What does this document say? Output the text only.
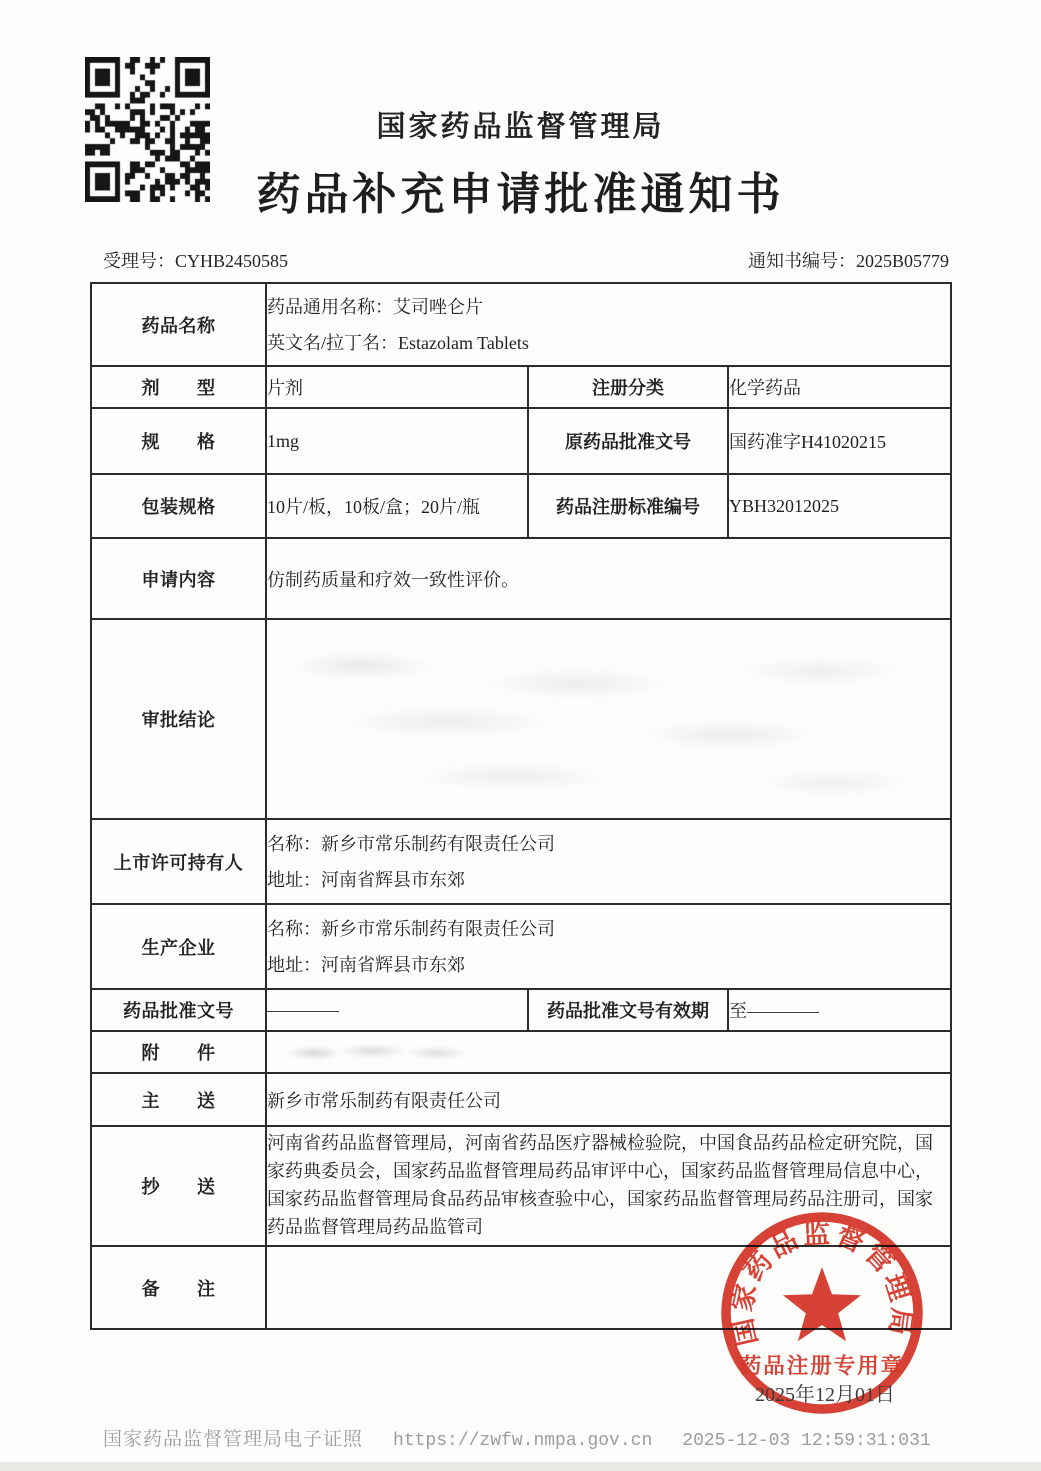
国家药品监督管理局
药品补充申请批准通知书
受理号：CYHB2450585	通知书编号：2025B05779
药品名称	药品通用名称：艾司唑仑片
英文名/拉丁名：Estazolam Tablets		

剂　　型	片剂	注册分类	化学药品
规　　格	1mg	原药品批准文号	国药准字H41020215
包装规格	10片/板，10板/盒；20片/瓶	药品注册标准编号	YBH32012025
申请内容	仿制药质量和疗效一致性评价。		
审批结论			

上市许可持有人	名称：新乡市常乐制药有限责任公司
地址：河南省辉县市东郊		

生产企业	名称：新乡市常乐制药有限责任公司
地址：河南省辉县市东郊		

药品批准文号	————	药品批准文号有效期	至————
附　　件			

主　　送	新乡市常乐制药有限责任公司		
抄　　送	河南省药品监督管理局，河南省药品医疗器械检验院，中国食品药品检定研究院，国家药典委员会，国家药品监督管理局药品审评中心，国家药品监督管理局信息中心，国家药品监督管理局食品药品审核查验中心，国家药品监督管理局药品注册司，国家药品监督管理局药品监管司		
备　　注			
国家药品监督管理局
药品注册专用章
2025年12月01日
国家药品监督管理局电子证照 https://zwfw.nmpa.gov.cn 2025-12-03 12:59:31:031
